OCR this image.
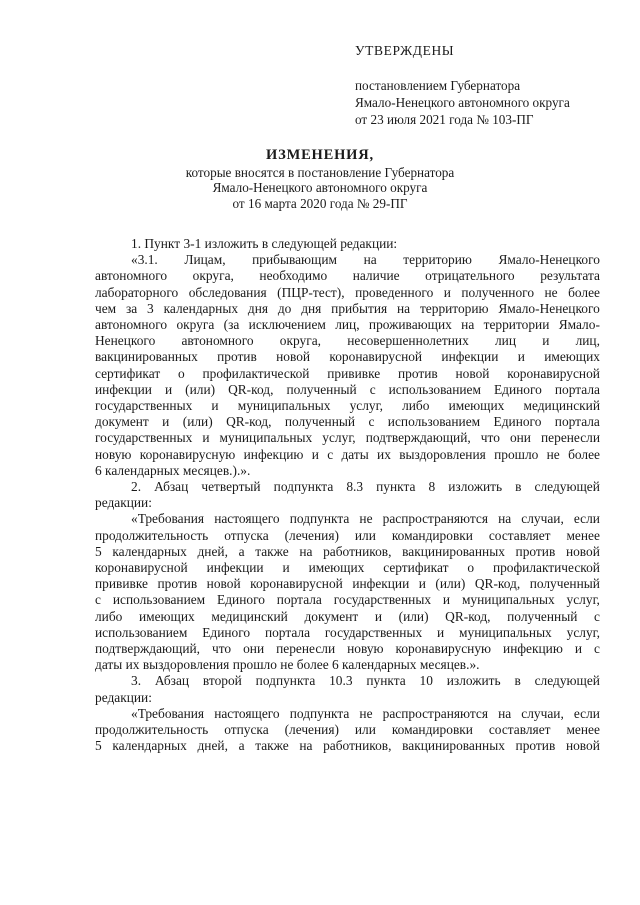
УТВЕРЖДЕНЫ
постановлением Губернатора
Ямало-Ненецкого автономного округа
от 23 июля 2021 года № 103-ПГ
ИЗМЕНЕНИЯ,
которые вносятся в постановление Губернатора
Ямало-Ненецкого автономного округа
от 16 марта 2020 года № 29-ПГ
1. Пункт 3-1 изложить в следующей редакции:
«3.1. Лицам, прибывающим на территорию Ямало-Ненецкого
автономного округа, необходимо наличие отрицательного результата
лабораторного обследования (ПЦР-тест), проведенного и полученного не более
чем за 3 календарных дня до дня прибытия на территорию Ямало-Ненецкого
автономного округа (за исключением лиц, проживающих на территории Ямало-
Ненецкого автономного округа, несовершеннолетних лиц и лиц,
вакцинированных против новой коронавирусной инфекции и имеющих
сертификат о профилактической прививке против новой коронавирусной
инфекции и (или) QR-код, полученный с использованием Единого портала
государственных и муниципальных услуг, либо имеющих медицинский
документ и (или) QR-код, полученный с использованием Единого портала
государственных и муниципальных услуг, подтверждающий, что они перенесли
новую коронавирусную инфекцию и с даты их выздоровления прошло не более
6 календарных месяцев.).».
2. Абзац четвертый подпункта 8.3 пункта 8 изложить в следующей
редакции:
«Требования настоящего подпункта не распространяются на случаи, если
продолжительность отпуска (лечения) или командировки составляет менее
5 календарных дней, а также на работников, вакцинированных против новой
коронавирусной инфекции и имеющих сертификат о профилактической
прививке против новой коронавирусной инфекции и (или) QR-код, полученный
с использованием Единого портала государственных и муниципальных услуг,
либо имеющих медицинский документ и (или) QR-код, полученный с
использованием Единого портала государственных и муниципальных услуг,
подтверждающий, что они перенесли новую коронавирусную инфекцию и с
даты их выздоровления прошло не более 6 календарных месяцев.».
3. Абзац второй подпункта 10.3 пункта 10 изложить в следующей
редакции:
«Требования настоящего подпункта не распространяются на случаи, если
продолжительность отпуска (лечения) или командировки составляет менее
5 календарных дней, а также на работников, вакцинированных против новой
